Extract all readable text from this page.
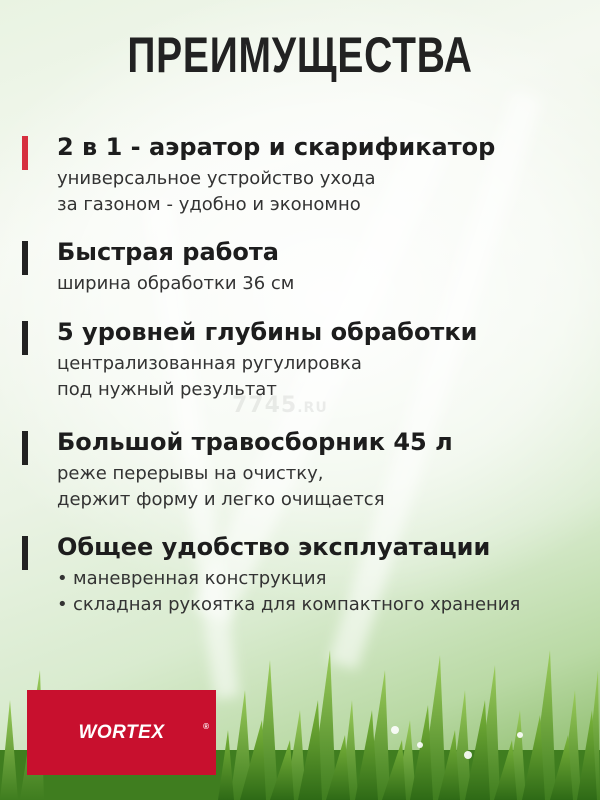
ПРЕИМУЩЕСТВА
2 в 1 - аэратор и скарификатор

универсальное устройство ухода
за газоном - удобно и экономно

Быстрая работа

ширина обработки 36 см

5 уровней глубины обработки

централизованная ругулировка
под нужный результат

7745.RU
Большой травосборник 45 л

реже перерывы на очистку,
держит форму и легко очищается

Общее удобство эксплуатации
• маневренная конструкция
• складная рукоятка для компактного хранения
WORTEX	®
